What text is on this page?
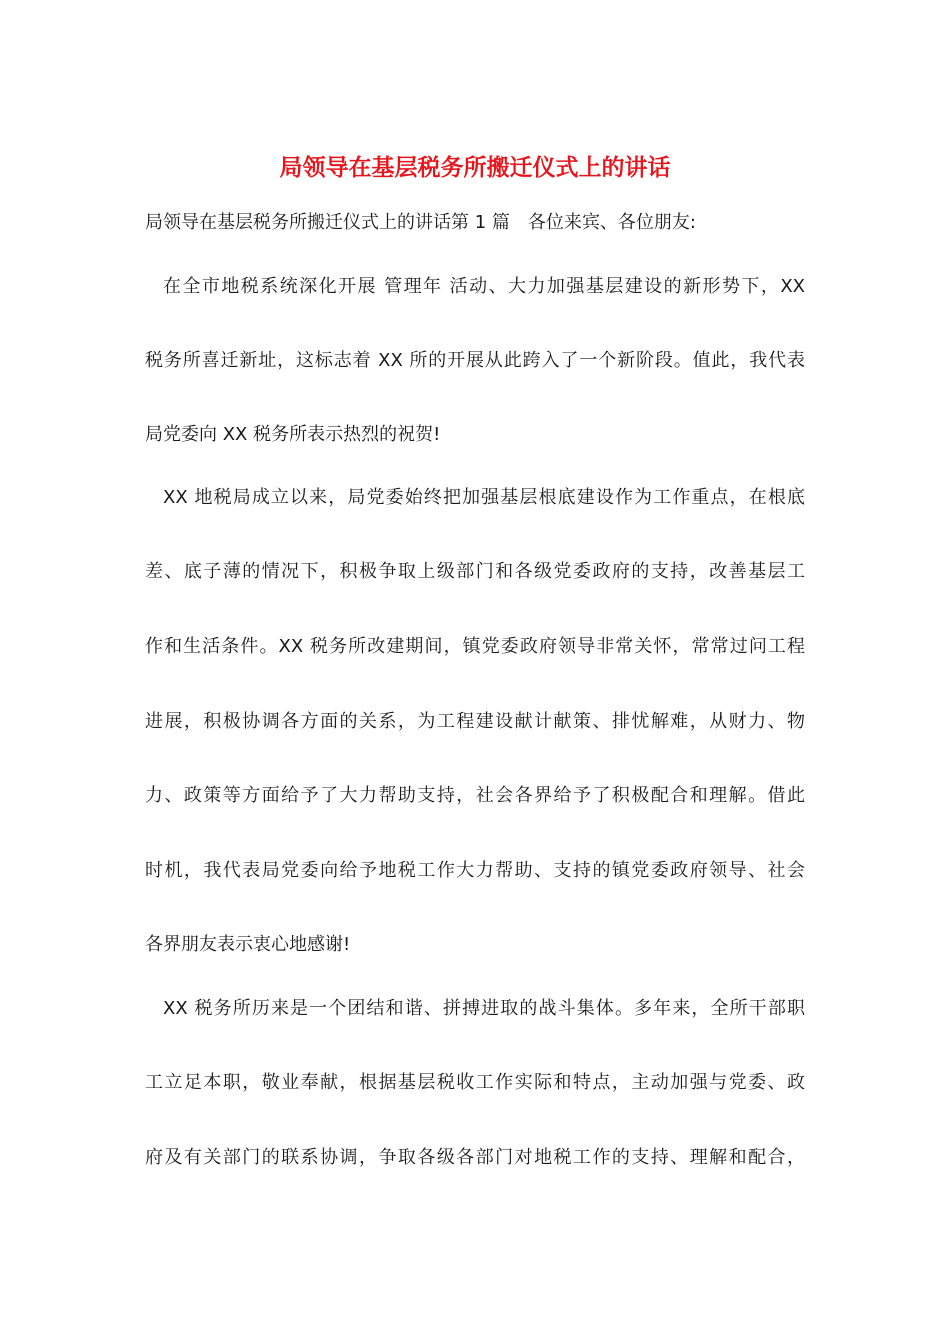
局领导在基层税务所搬迁仪式上的讲话

局领导在基层税务所搬迁仪式上的讲话第 1 篇　各位来宾、各位朋友:

在全市地税系统深化开展 管理年 活动、大力加强基层建设的新形势下，XX

税务所喜迁新址，这标志着 XX 所的开展从此跨入了一个新阶段。值此，我代表

局党委向 XX 税务所表示热烈的祝贺!

XX 地税局成立以来，局党委始终把加强基层根底建设作为工作重点，在根底

差、底子薄的情况下，积极争取上级部门和各级党委政府的支持，改善基层工

作和生活条件。XX 税务所改建期间，镇党委政府领导非常关怀，常常过问工程

进展，积极协调各方面的关系，为工程建设献计献策、排忧解难，从财力、物

力、政策等方面给予了大力帮助支持，社会各界给予了积极配合和理解。借此

时机，我代表局党委向给予地税工作大力帮助、支持的镇党委政府领导、社会

各界朋友表示衷心地感谢!

XX 税务所历来是一个团结和谐、拼搏进取的战斗集体。多年来，全所干部职

工立足本职，敬业奉献，根据基层税收工作实际和特点，主动加强与党委、政

府及有关部门的联系协调，争取各级各部门对地税工作的支持、理解和配合，
